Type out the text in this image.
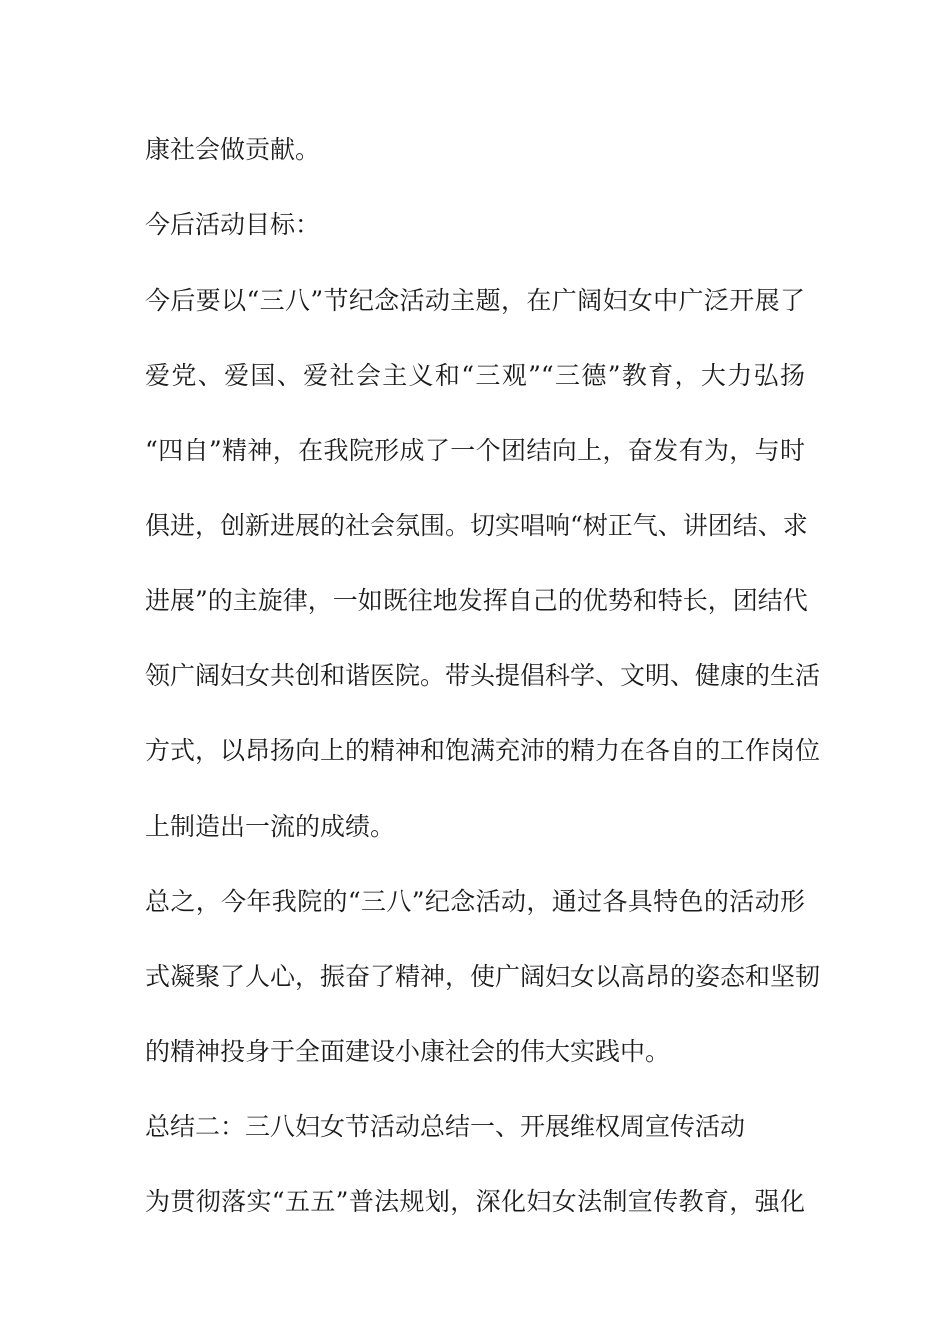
康社会做贡献。
今后活动目标：
今后要以“三八”节纪念活动主题，在广阔妇女中广泛开展了
爱党、爱国、爱社会主义和“三观”“三德”教育，大力弘扬
“四自”精神，在我院形成了一个团结向上，奋发有为，与时
俱进，创新进展的社会氛围。切实唱响“树正气、讲团结、求
进展”的主旋律，一如既往地发挥自己的优势和特长，团结代
领广阔妇女共创和谐医院。带头提倡科学、文明、健康的生活
方式，以昂扬向上的精神和饱满充沛的精力在各自的工作岗位
上制造出一流的成绩。
总之，今年我院的“三八”纪念活动，通过各具特色的活动形
式凝聚了人心，振奋了精神，使广阔妇女以高昂的姿态和坚韧
的精神投身于全面建设小康社会的伟大实践中。
总结二：三八妇女节活动总结一、开展维权周宣传活动
为贯彻落实“五五”普法规划，深化妇女法制宣传教育，强化
